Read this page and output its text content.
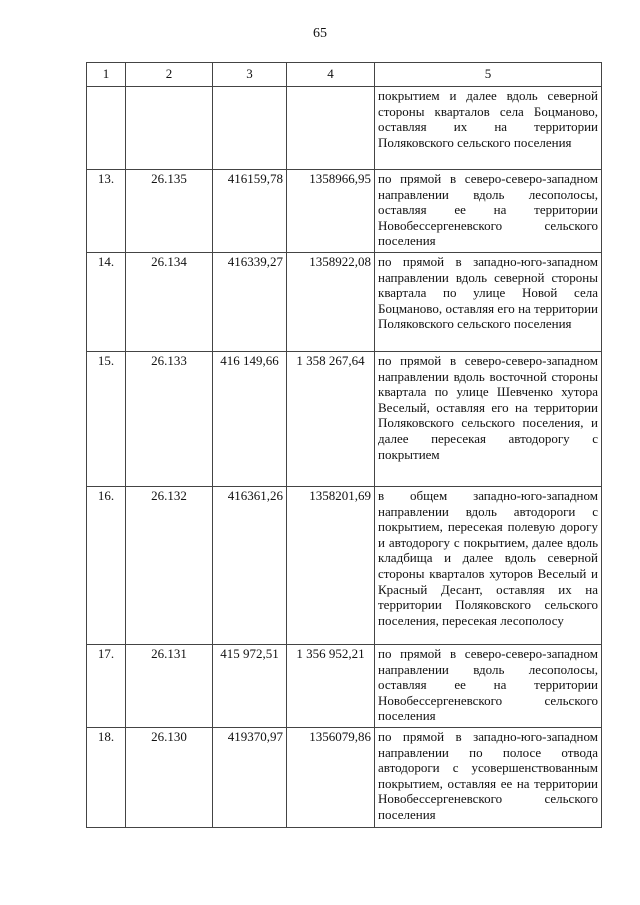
65
1	2	3	4	5
				покрытием и далее вдоль северной стороны кварталов села Боцманово, оставляя их на территории Поляковского сельского поселения
13.	26.135	416159,78	1358966,95	по прямой в северо-северо-западном направлении вдоль лесополосы, оставляя ее на территории Новобессергеневского сельского поселения
14.	26.134	416339,27	1358922,08	по прямой в западно-юго-западном направлении вдоль северной стороны квартала по улице Новой села Боцманово, оставляя его на территории Поляковского сельского поселения
15.	26.133	416 149,66	1 358 267,64	по прямой в северо-северо-западном направлении вдоль восточной стороны квартала по улице Шевченко хутора Веселый, оставляя его на территории Поляковского сельского поселения, и далее пересекая автодорогу с покрытием
16.	26.132	416361,26	1358201,69	в общем западно-юго-западном направлении вдоль автодороги с покрытием, пересекая полевую дорогу и автодорогу с покрытием, далее вдоль кладбища и далее вдоль северной стороны кварталов хуторов Веселый и Красный Десант, оставляя их на территории Поляковского сельского поселения, пересекая лесополосу
17.	26.131	415 972,51	1 356 952,21	по прямой в северо-северо-западном направлении вдоль лесополосы, оставляя ее на территории Новобессергеневского сельского поселения
18.	26.130	419370,97	1356079,86	по прямой в западно-юго-западном направлении по полосе отвода автодороги с усовершенствованным покрытием, оставляя ее на территории Новобессергеневского сельского поселения
